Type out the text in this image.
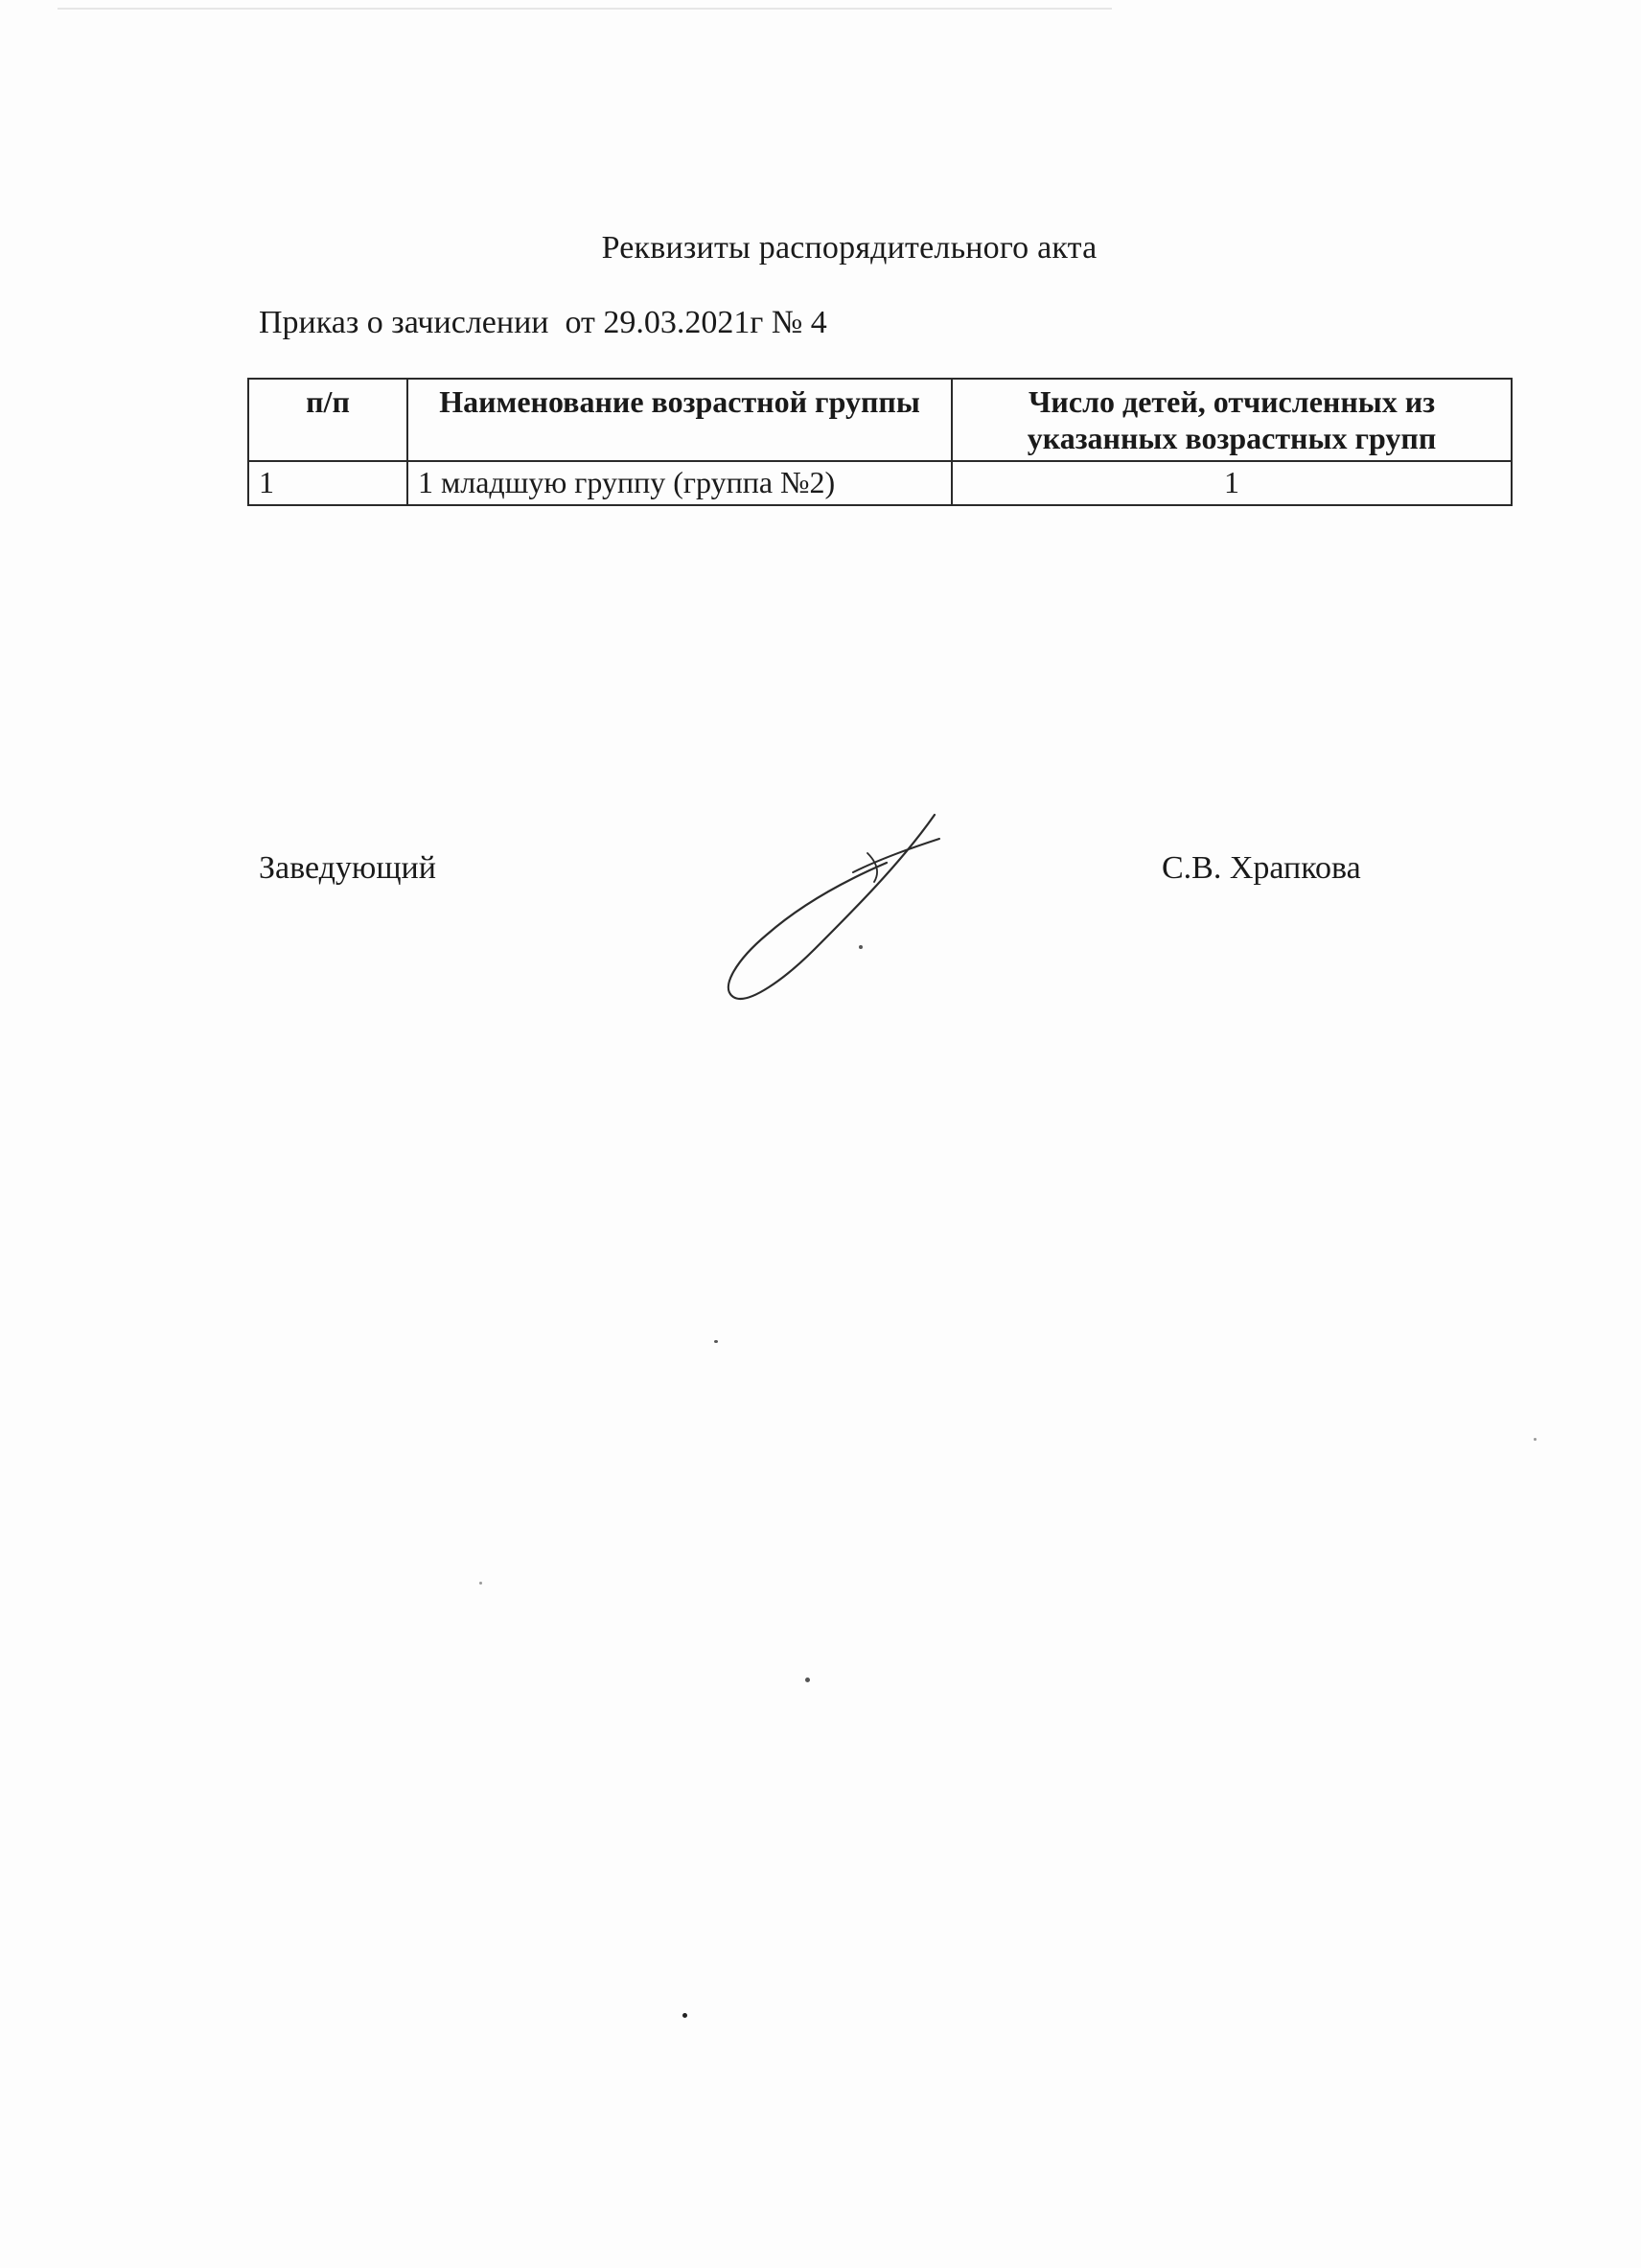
Реквизиты распорядительного акта
Приказ о зачислении  от 29.03.2021г № 4
п/п	Наименование возрастной группы	Число детей, отчисленных из указанных возрастных групп
1	1 младшую группу (группа №2)	1
Заведующий	С.В. Храпкова
